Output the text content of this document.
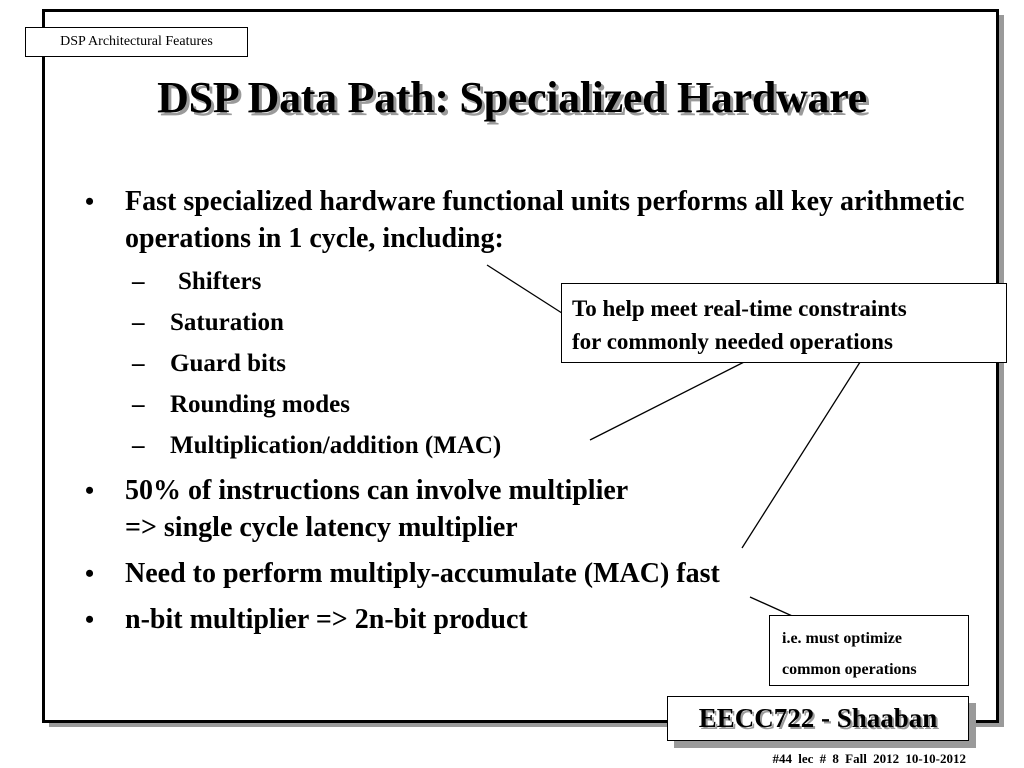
DSP Architectural Features
DSP Data Path: Specialized Hardware
• Fast specialized hardware functional units performs all key arithmetic operations in 1 cycle, including:
– Shifters
– Saturation
– Guard bits
– Rounding modes
– Multiplication/addition (MAC)
• 50% of instructions can involve multiplier
=> single cycle latency multiplier
• Need to perform multiply-accumulate (MAC) fast
• n-bit multiplier => 2n-bit product
To help meet real-time constraints
for commonly needed operations
i.e. must optimize
common operations
EECC722 - Shaaban
#44 lec # 8 Fall 2012 10-10-2012
